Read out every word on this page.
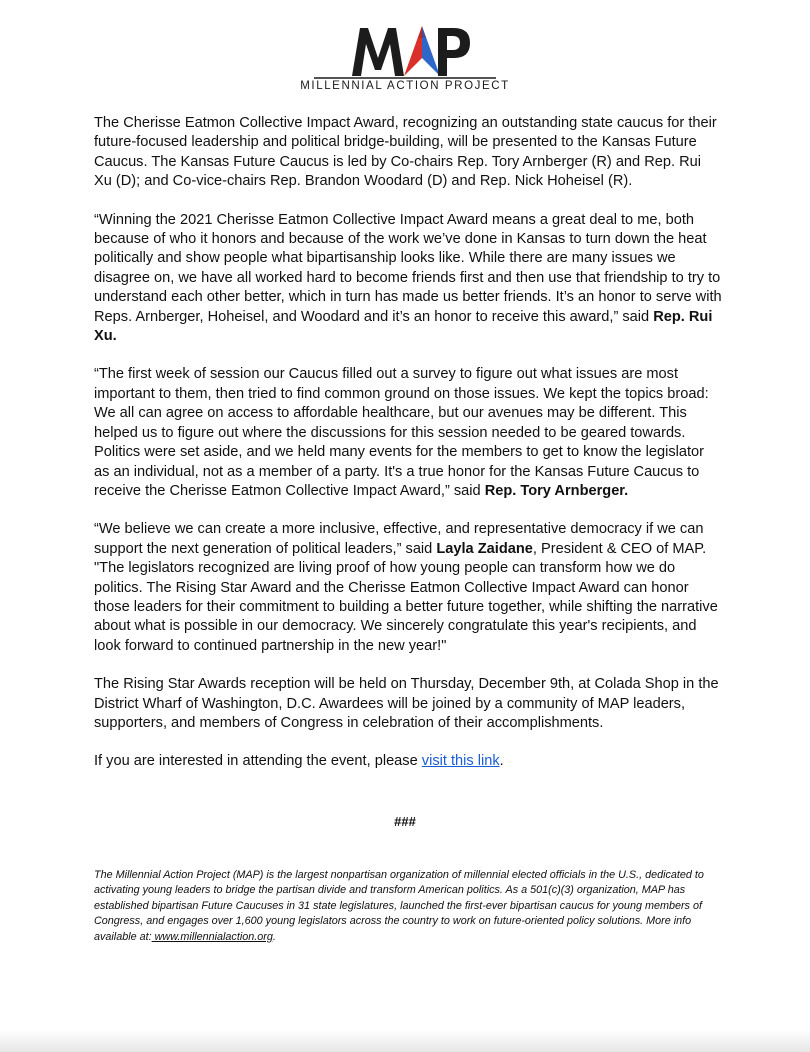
MILLENNIAL ACTION PROJECT

The Cherisse Eatmon Collective Impact Award, recognizing an outstanding state caucus for their future-focused leadership and political bridge-building, will be presented to the Kansas Future Caucus. The Kansas Future Caucus is led by Co-chairs Rep. Tory Arnberger (R) and Rep. Rui Xu (D); and Co-vice-chairs Rep. Brandon Woodard (D) and Rep. Nick Hoheisel (R).

“Winning the 2021 Cherisse Eatmon Collective Impact Award means a great deal to me, both because of who it honors and because of the work we’ve done in Kansas to turn down the heat politically and show people what bipartisanship looks like. While there are many issues we disagree on, we have all worked hard to become friends first and then use that friendship to try to understand each other better, which in turn has made us better friends. It’s an honor to serve with Reps. Arnberger, Hoheisel, and Woodard and it’s an honor to receive this award,” said Rep. Rui Xu.

“The first week of session our Caucus filled out a survey to figure out what issues are most important to them, then tried to find common ground on those issues. We kept the topics broad: We all can agree on access to affordable healthcare, but our avenues may be different. This helped us to figure out where the discussions for this session needed to be geared towards. Politics were set aside, and we held many events for the members to get to know the legislator as an individual, not as a member of a party. It's a true honor for the Kansas Future Caucus to receive the Cherisse Eatmon Collective Impact Award,” said Rep. Tory Arnberger.

“We believe we can create a more inclusive, effective, and representative democracy if we can support the next generation of political leaders,” said Layla Zaidane, President & CEO of MAP. "The legislators recognized are living proof of how young people can transform how we do politics. The Rising Star Award and the Cherisse Eatmon Collective Impact Award can honor those leaders for their commitment to building a better future together, while shifting the narrative about what is possible in our democracy. We sincerely congratulate this year's recipients, and look forward to continued partnership in the new year!"

The Rising Star Awards reception will be held on Thursday, December 9th, at Colada Shop in the District Wharf of Washington, D.C. Awardees will be joined by a community of MAP leaders, supporters, and members of Congress in celebration of their accomplishments.

If you are interested in attending the event, please visit this link.

###
The Millennial Action Project (MAP) is the largest nonpartisan organization of millennial elected officials in the U.S., dedicated to activating young leaders to bridge the partisan divide and transform American politics. As a 501(c)(3) organization, MAP has established bipartisan Future Caucuses in 31 state legislatures, launched the first-ever bipartisan caucus for young members of Congress, and engages over 1,600 young legislators across the country to work on future-oriented policy solutions. More info available at: www.millennialaction.org.
